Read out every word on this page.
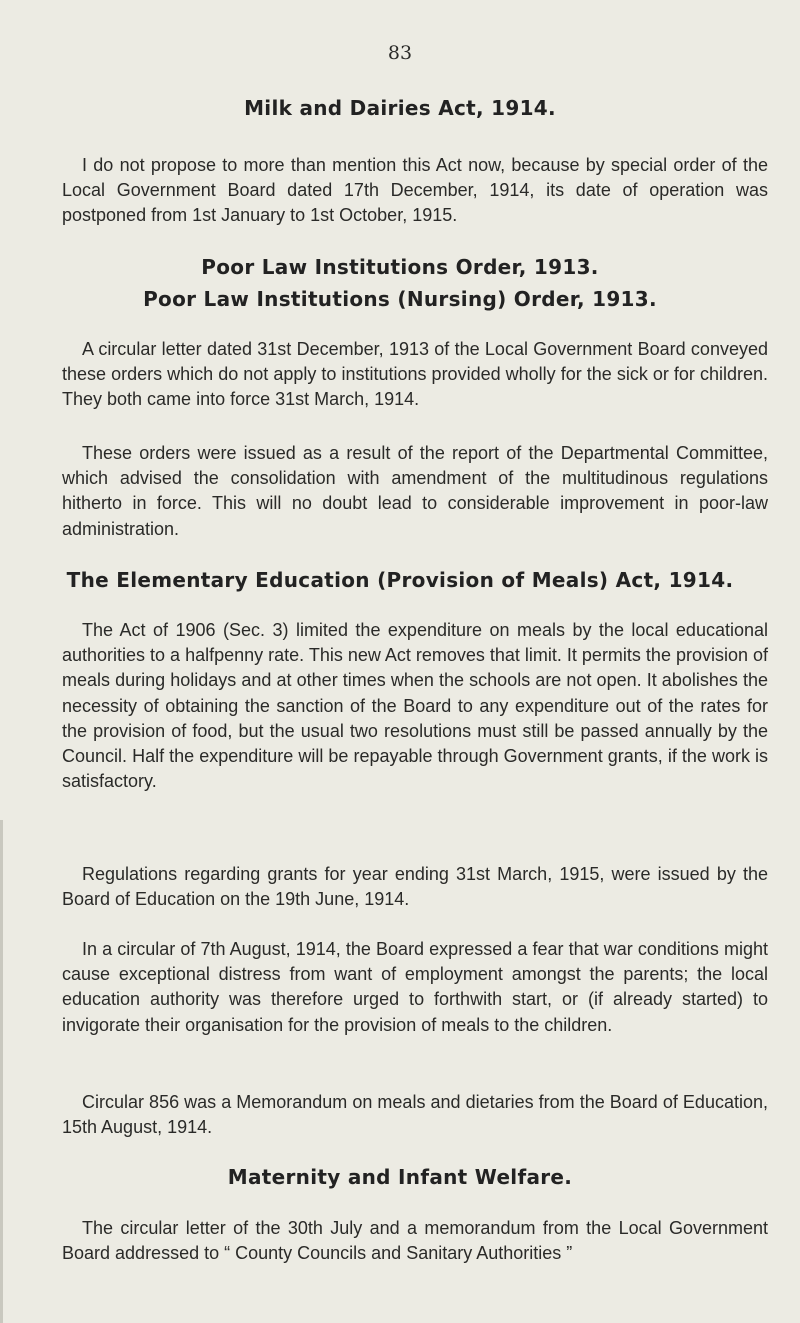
83
Milk and Dairies Act, 1914.

I do not propose to more than mention this Act now, because by special order of the Local Government Board dated 17th December, 1914, its date of operation was postponed from 1st January to 1st October, 1915.

Poor Law Institutions Order, 1913.
Poor Law Institutions (Nursing) Order, 1913.

A circular letter dated 31st December, 1913 of the Local Government Board conveyed these orders which do not apply to institutions provided wholly for the sick or for children. They both came into force 31st March, 1914.

These orders were issued as a result of the report of the Departmental Committee, which advised the consolidation with amendment of the multitudinous regulations hitherto in force. This will no doubt lead to considerable improvement in poor-law administration.

The Elementary Education (Provision of Meals) Act, 1914.

The Act of 1906 (Sec. 3) limited the expenditure on meals by the local educational authorities to a halfpenny rate. This new Act removes that limit. It permits the provision of meals during holidays and at other times when the schools are not open. It abolishes the necessity of obtaining the sanction of the Board to any expenditure out of the rates for the provision of food, but the usual two resolutions must still be passed annually by the Council. Half the expenditure will be repayable through Government grants, if the work is satisfactory.

Regulations regarding grants for year ending 31st March, 1915, were issued by the Board of Education on the 19th June, 1914.

In a circular of 7th August, 1914, the Board expressed a fear that war conditions might cause exceptional distress from want of employment amongst the parents; the local education authority was therefore urged to forthwith start, or (if already started) to invigorate their organisation for the provision of meals to the children.

Circular 856 was a Memorandum on meals and dietaries from the Board of Education, 15th August, 1914.

Maternity and Infant Welfare.

The circular letter of the 30th July and a memorandum from the Local Government Board addressed to “ County Councils and Sanitary Authorities ”
